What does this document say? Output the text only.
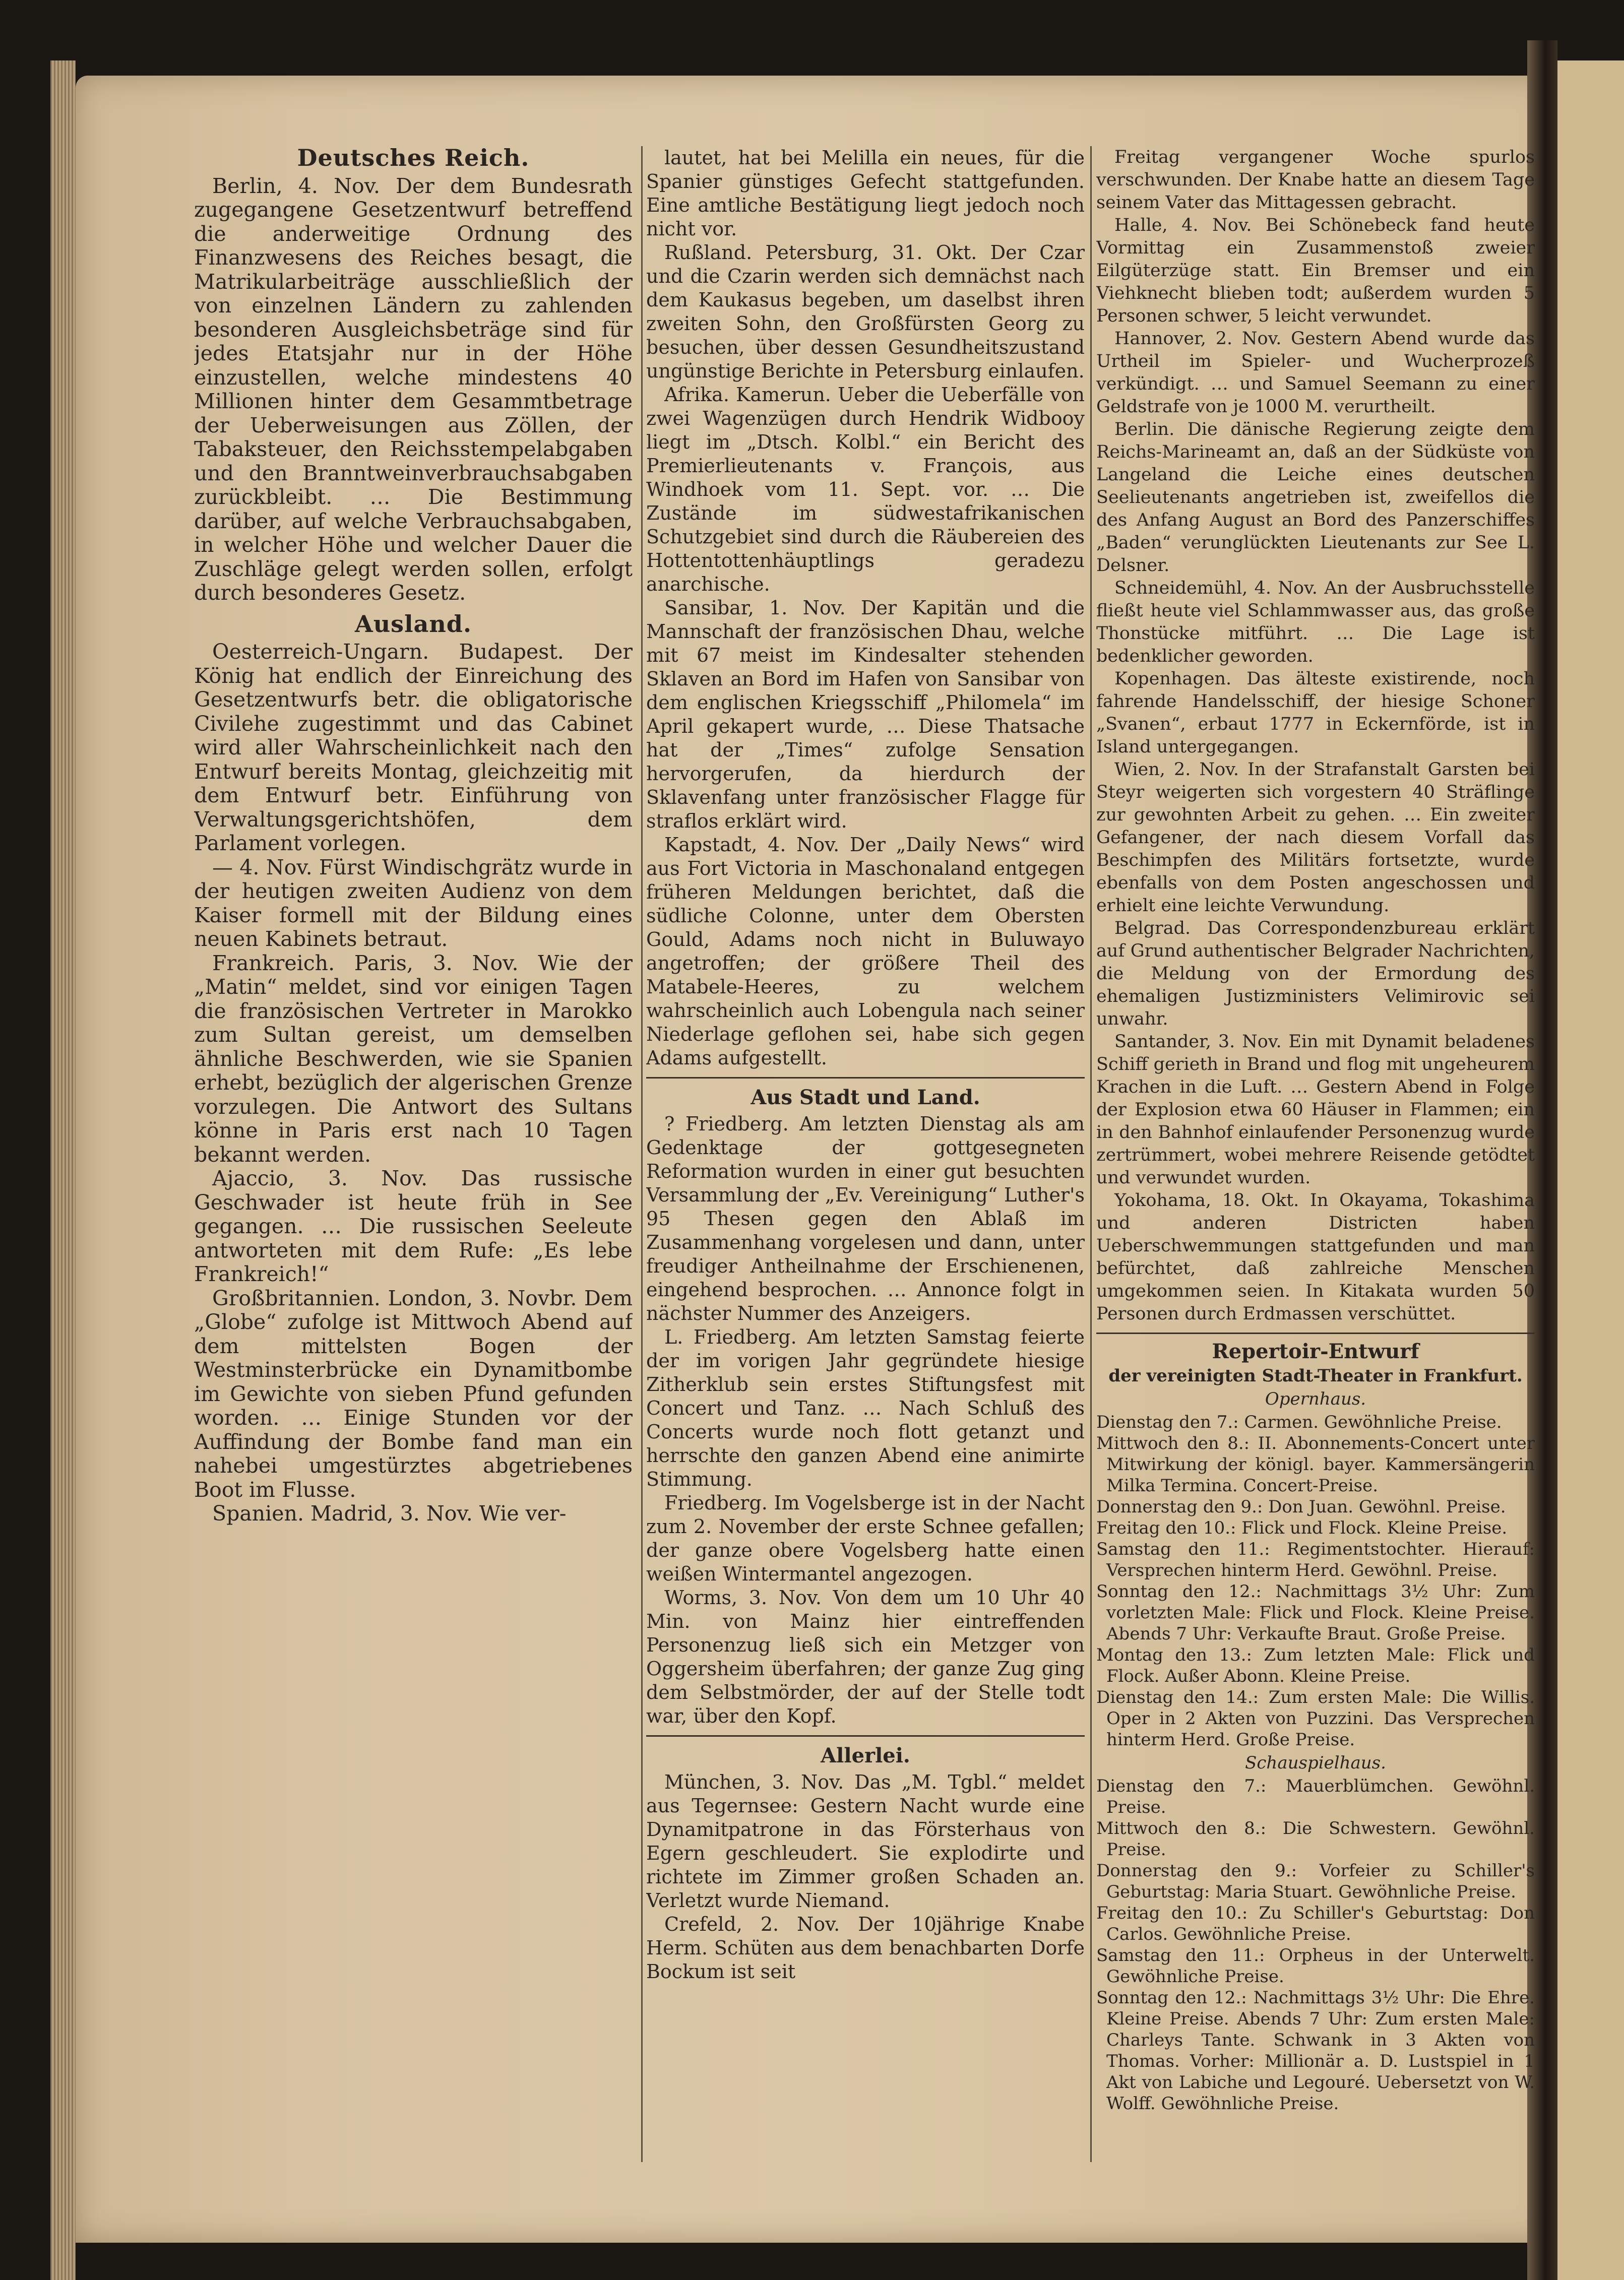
Deutsches Reich.

Berlin, 4. Nov. Der dem Bundesrath zugegangene Gesetzentwurf betreffend die anderweitige Ordnung des Finanzwesens des Reiches besagt, die Matrikularbeiträge ausschließlich der von einzelnen Ländern zu zahlenden besonderen Ausgleichsbeträge sind für jedes Etatsjahr nur in der Höhe einzustellen, welche mindestens 40 Millionen hinter dem Gesammtbetrage der Ueberweisungen aus Zöllen, der Tabaksteuer, den Reichsstempelabgaben und den Branntweinverbrauchsabgaben zurückbleibt. … Die Bestimmung darüber, auf welche Verbrauchsabgaben, in welcher Höhe und welcher Dauer die Zuschläge gelegt werden sollen, erfolgt durch besonderes Gesetz.

Ausland.

Oesterreich-Ungarn. Budapest. Der König hat endlich der Einreichung des Gesetzentwurfs betr. die obligatorische Civilehe zugestimmt und das Cabinet wird aller Wahrscheinlichkeit nach den Entwurf bereits Montag, gleichzeitig mit dem Entwurf betr. Einführung von Verwaltungsgerichtshöfen, dem Parlament vorlegen.

— 4. Nov. Fürst Windischgrätz wurde in der heutigen zweiten Audienz von dem Kaiser formell mit der Bildung eines neuen Kabinets betraut.

Frankreich. Paris, 3. Nov. Wie der „Matin“ meldet, sind vor einigen Tagen die französischen Vertreter in Marokko zum Sultan gereist, um demselben ähnliche Beschwerden, wie sie Spanien erhebt, bezüglich der algerischen Grenze vorzulegen. Die Antwort des Sultans könne in Paris erst nach 10 Tagen bekannt werden.

Ajaccio, 3. Nov. Das russische Geschwader ist heute früh in See gegangen. … Die russischen Seeleute antworteten mit dem Rufe: „Es lebe Frankreich!“

Großbritannien. London, 3. Novbr. Dem „Globe“ zufolge ist Mittwoch Abend auf dem mittelsten Bogen der Westminsterbrücke ein Dynamitbombe im Gewichte von sieben Pfund gefunden worden. … Einige Stunden vor der Auffindung der Bombe fand man ein nahebei umgestürztes abgetriebenes Boot im Flusse.

Spanien. Madrid, 3. Nov. Wie ver-

lautet, hat bei Melilla ein neues, für die Spanier günstiges Gefecht stattgefunden. Eine amtliche Bestätigung liegt jedoch noch nicht vor.

Rußland. Petersburg, 31. Okt. Der Czar und die Czarin werden sich demnächst nach dem Kaukasus begeben, um daselbst ihren zweiten Sohn, den Großfürsten Georg zu besuchen, über dessen Gesundheitszustand ungünstige Berichte in Petersburg einlaufen.

Afrika. Kamerun. Ueber die Ueberfälle von zwei Wagenzügen durch Hendrik Widbooy liegt im „Dtsch. Kolbl.“ ein Bericht des Premierlieutenants v. François, aus Windhoek vom 11. Sept. vor. … Die Zustände im südwestafrikanischen Schutzgebiet sind durch die Räubereien des Hottentottenhäuptlings geradezu anarchische.

Sansibar, 1. Nov. Der Kapitän und die Mannschaft der französischen Dhau, welche mit 67 meist im Kindesalter stehenden Sklaven an Bord im Hafen von Sansibar von dem englischen Kriegsschiff „Philomela“ im April gekapert wurde, … Diese Thatsache hat der „Times“ zufolge Sensation hervorgerufen, da hierdurch der Sklavenfang unter französischer Flagge für straflos erklärt wird.

Kapstadt, 4. Nov. Der „Daily News“ wird aus Fort Victoria in Maschonaland entgegen früheren Meldungen berichtet, daß die südliche Colonne, unter dem Obersten Gould, Adams noch nicht in Buluwayo angetroffen; der größere Theil des Matabele-Heeres, zu welchem wahrscheinlich auch Lobengula nach seiner Niederlage geflohen sei, habe sich gegen Adams aufgestellt.

Aus Stadt und Land.

? Friedberg. Am letzten Dienstag als am Gedenktage der gottgesegneten Reformation wurden in einer gut besuchten Versammlung der „Ev. Vereinigung“ Luther's 95 Thesen gegen den Ablaß im Zusammenhang vorgelesen und dann, unter freudiger Antheilnahme der Erschienenen, eingehend besprochen. … Annonce folgt in nächster Nummer des Anzeigers.

L. Friedberg. Am letzten Samstag feierte der im vorigen Jahr gegründete hiesige Zitherklub sein erstes Stiftungsfest mit Concert und Tanz. … Nach Schluß des Concerts wurde noch flott getanzt und herrschte den ganzen Abend eine animirte Stimmung.

Friedberg. Im Vogelsberge ist in der Nacht zum 2. November der erste Schnee gefallen; der ganze obere Vogelsberg hatte einen weißen Wintermantel angezogen.

Worms, 3. Nov. Von dem um 10 Uhr 40 Min. von Mainz hier eintreffenden Personenzug ließ sich ein Metzger von Oggersheim überfahren; der ganze Zug ging dem Selbstmörder, der auf der Stelle todt war, über den Kopf.

Allerlei.

München, 3. Nov. Das „M. Tgbl.“ meldet aus Tegernsee: Gestern Nacht wurde eine Dynamitpatrone in das Försterhaus von Egern geschleudert. Sie explodirte und richtete im Zimmer großen Schaden an. Verletzt wurde Niemand.

Crefeld, 2. Nov. Der 10jährige Knabe Herm. Schüten aus dem benachbarten Dorfe Bockum ist seit

Freitag vergangener Woche spurlos verschwunden. Der Knabe hatte an diesem Tage seinem Vater das Mittagessen gebracht.

Halle, 4. Nov. Bei Schönebeck fand heute Vormittag ein Zusammenstoß zweier Eilgüterzüge statt. Ein Bremser und ein Viehknecht blieben todt; außerdem wurden 5 Personen schwer, 5 leicht verwundet.

Hannover, 2. Nov. Gestern Abend wurde das Urtheil im Spieler- und Wucherprozeß verkündigt. … und Samuel Seemann zu einer Geldstrafe von je 1000 M. verurtheilt.

Berlin. Die dänische Regierung zeigte dem Reichs-Marineamt an, daß an der Südküste von Langeland die Leiche eines deutschen Seelieutenants angetrieben ist, zweifellos die des Anfang August an Bord des Panzerschiffes „Baden“ verunglückten Lieutenants zur See L. Delsner.

Schneidemühl, 4. Nov. An der Ausbruchsstelle fließt heute viel Schlammwasser aus, das große Thonstücke mitführt. … Die Lage ist bedenklicher geworden.

Kopenhagen. Das älteste existirende, noch fahrende Handelsschiff, der hiesige Schoner „Svanen“, erbaut 1777 in Eckernförde, ist in Island untergegangen.

Wien, 2. Nov. In der Strafanstalt Garsten bei Steyr weigerten sich vorgestern 40 Sträflinge zur gewohnten Arbeit zu gehen. … Ein zweiter Gefangener, der nach diesem Vorfall das Beschimpfen des Militärs fortsetzte, wurde ebenfalls von dem Posten angeschossen und erhielt eine leichte Verwundung.

Belgrad. Das Correspondenzbureau erklärt auf Grund authentischer Belgrader Nachrichten, die Meldung von der Ermordung des ehemaligen Justizministers Velimirovic sei unwahr.

Santander, 3. Nov. Ein mit Dynamit beladenes Schiff gerieth in Brand und flog mit ungeheurem Krachen in die Luft. … Gestern Abend in Folge der Explosion etwa 60 Häuser in Flammen; ein in den Bahnhof einlaufender Personenzug wurde zertrümmert, wobei mehrere Reisende getödtet und verwundet wurden.

Yokohama, 18. Okt. In Okayama, Tokashima und anderen Districten haben Ueberschwemmungen stattgefunden und man befürchtet, daß zahlreiche Menschen umgekommen seien. In Kitakata wurden 50 Personen durch Erdmassen verschüttet.

Repertoir-Entwurf
der vereinigten Stadt-Theater in Frankfurt.
Opernhaus.

Dienstag den 7.: Carmen. Gewöhnliche Preise.

Mittwoch den 8.: II. Abonnements-Concert unter Mitwirkung der königl. bayer. Kammersängerin Milka Termina. Concert-Preise.

Donnerstag den 9.: Don Juan. Gewöhnl. Preise.

Freitag den 10.: Flick und Flock. Kleine Preise.

Samstag den 11.: Regimentstochter. Hierauf: Versprechen hinterm Herd. Gewöhnl. Preise.

Sonntag den 12.: Nachmittags 3½ Uhr: Zum vorletzten Male: Flick und Flock. Kleine Preise. Abends 7 Uhr: Verkaufte Braut. Große Preise.

Montag den 13.: Zum letzten Male: Flick und Flock. Außer Abonn. Kleine Preise.

Dienstag den 14.: Zum ersten Male: Die Willis. Oper in 2 Akten von Puzzini. Das Versprechen hinterm Herd. Große Preise.

Schauspielhaus.

Dienstag den 7.: Mauerblümchen. Gewöhnl. Preise.

Mittwoch den 8.: Die Schwestern. Gewöhnl. Preise.

Donnerstag den 9.: Vorfeier zu Schiller's Geburtstag: Maria Stuart. Gewöhnliche Preise.

Freitag den 10.: Zu Schiller's Geburtstag: Don Carlos. Gewöhnliche Preise.

Samstag den 11.: Orpheus in der Unterwelt. Gewöhnliche Preise.

Sonntag den 12.: Nachmittags 3½ Uhr: Die Ehre. Kleine Preise. Abends 7 Uhr: Zum ersten Male: Charleys Tante. Schwank in 3 Akten von Thomas. Vorher: Millionär a. D. Lustspiel in 1 Akt von Labiche und Legouré. Uebersetzt von W. Wolff. Gewöhnliche Preise.
